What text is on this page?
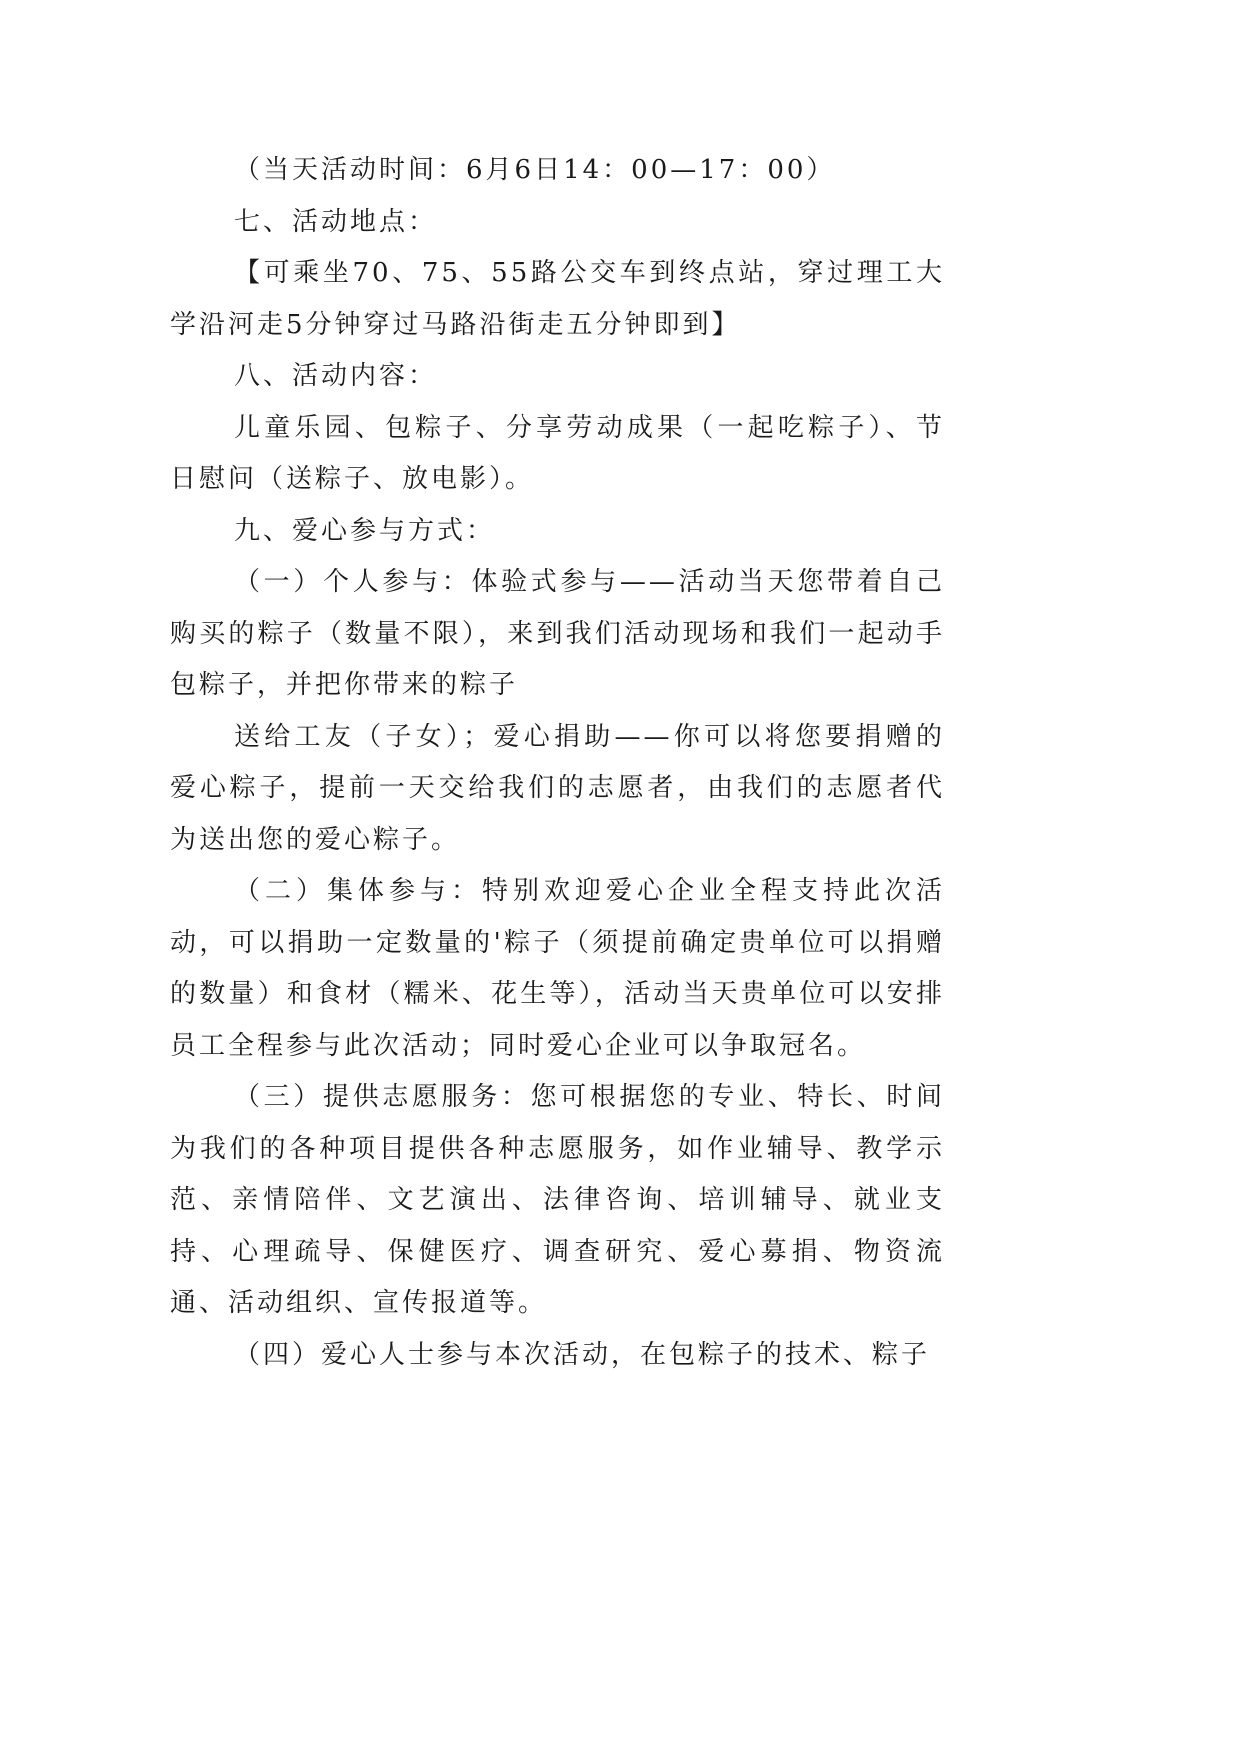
（当天活动时间：6月6日14：00—17：00）

七、活动地点：

【可乘坐70、75、55路公交车到终点站，穿过理工大学沿河走5分钟穿过马路沿街走五分钟即到】

八、活动内容：

儿童乐园、包粽子、分享劳动成果（一起吃粽子）、节日慰问（送粽子、放电影）。

九、爱心参与方式：

（一）个人参与：体验式参与——活动当天您带着自己购买的粽子（数量不限），来到我们活动现场和我们一起动手包粽子，并把你带来的粽子

送给工友（子女）；爱心捐助——你可以将您要捐赠的爱心粽子，提前一天交给我们的志愿者，由我们的志愿者代为送出您的爱心粽子。

（二）集体参与：特别欢迎爱心企业全程支持此次活动，可以捐助一定数量的'粽子（须提前确定贵单位可以捐赠的数量）和食材（糯米、花生等），活动当天贵单位可以安排员工全程参与此次活动；同时爱心企业可以争取冠名。

（三）提供志愿服务：您可根据您的专业、特长、时间为我们的各种项目提供各种志愿服务，如作业辅导、教学示范、亲情陪伴、文艺演出、法律咨询、培训辅导、就业支持、心理疏导、保健医疗、调查研究、爱心募捐、物资流通、活动组织、宣传报道等。

（四）爱心人士参与本次活动，在包粽子的技术、粽子
